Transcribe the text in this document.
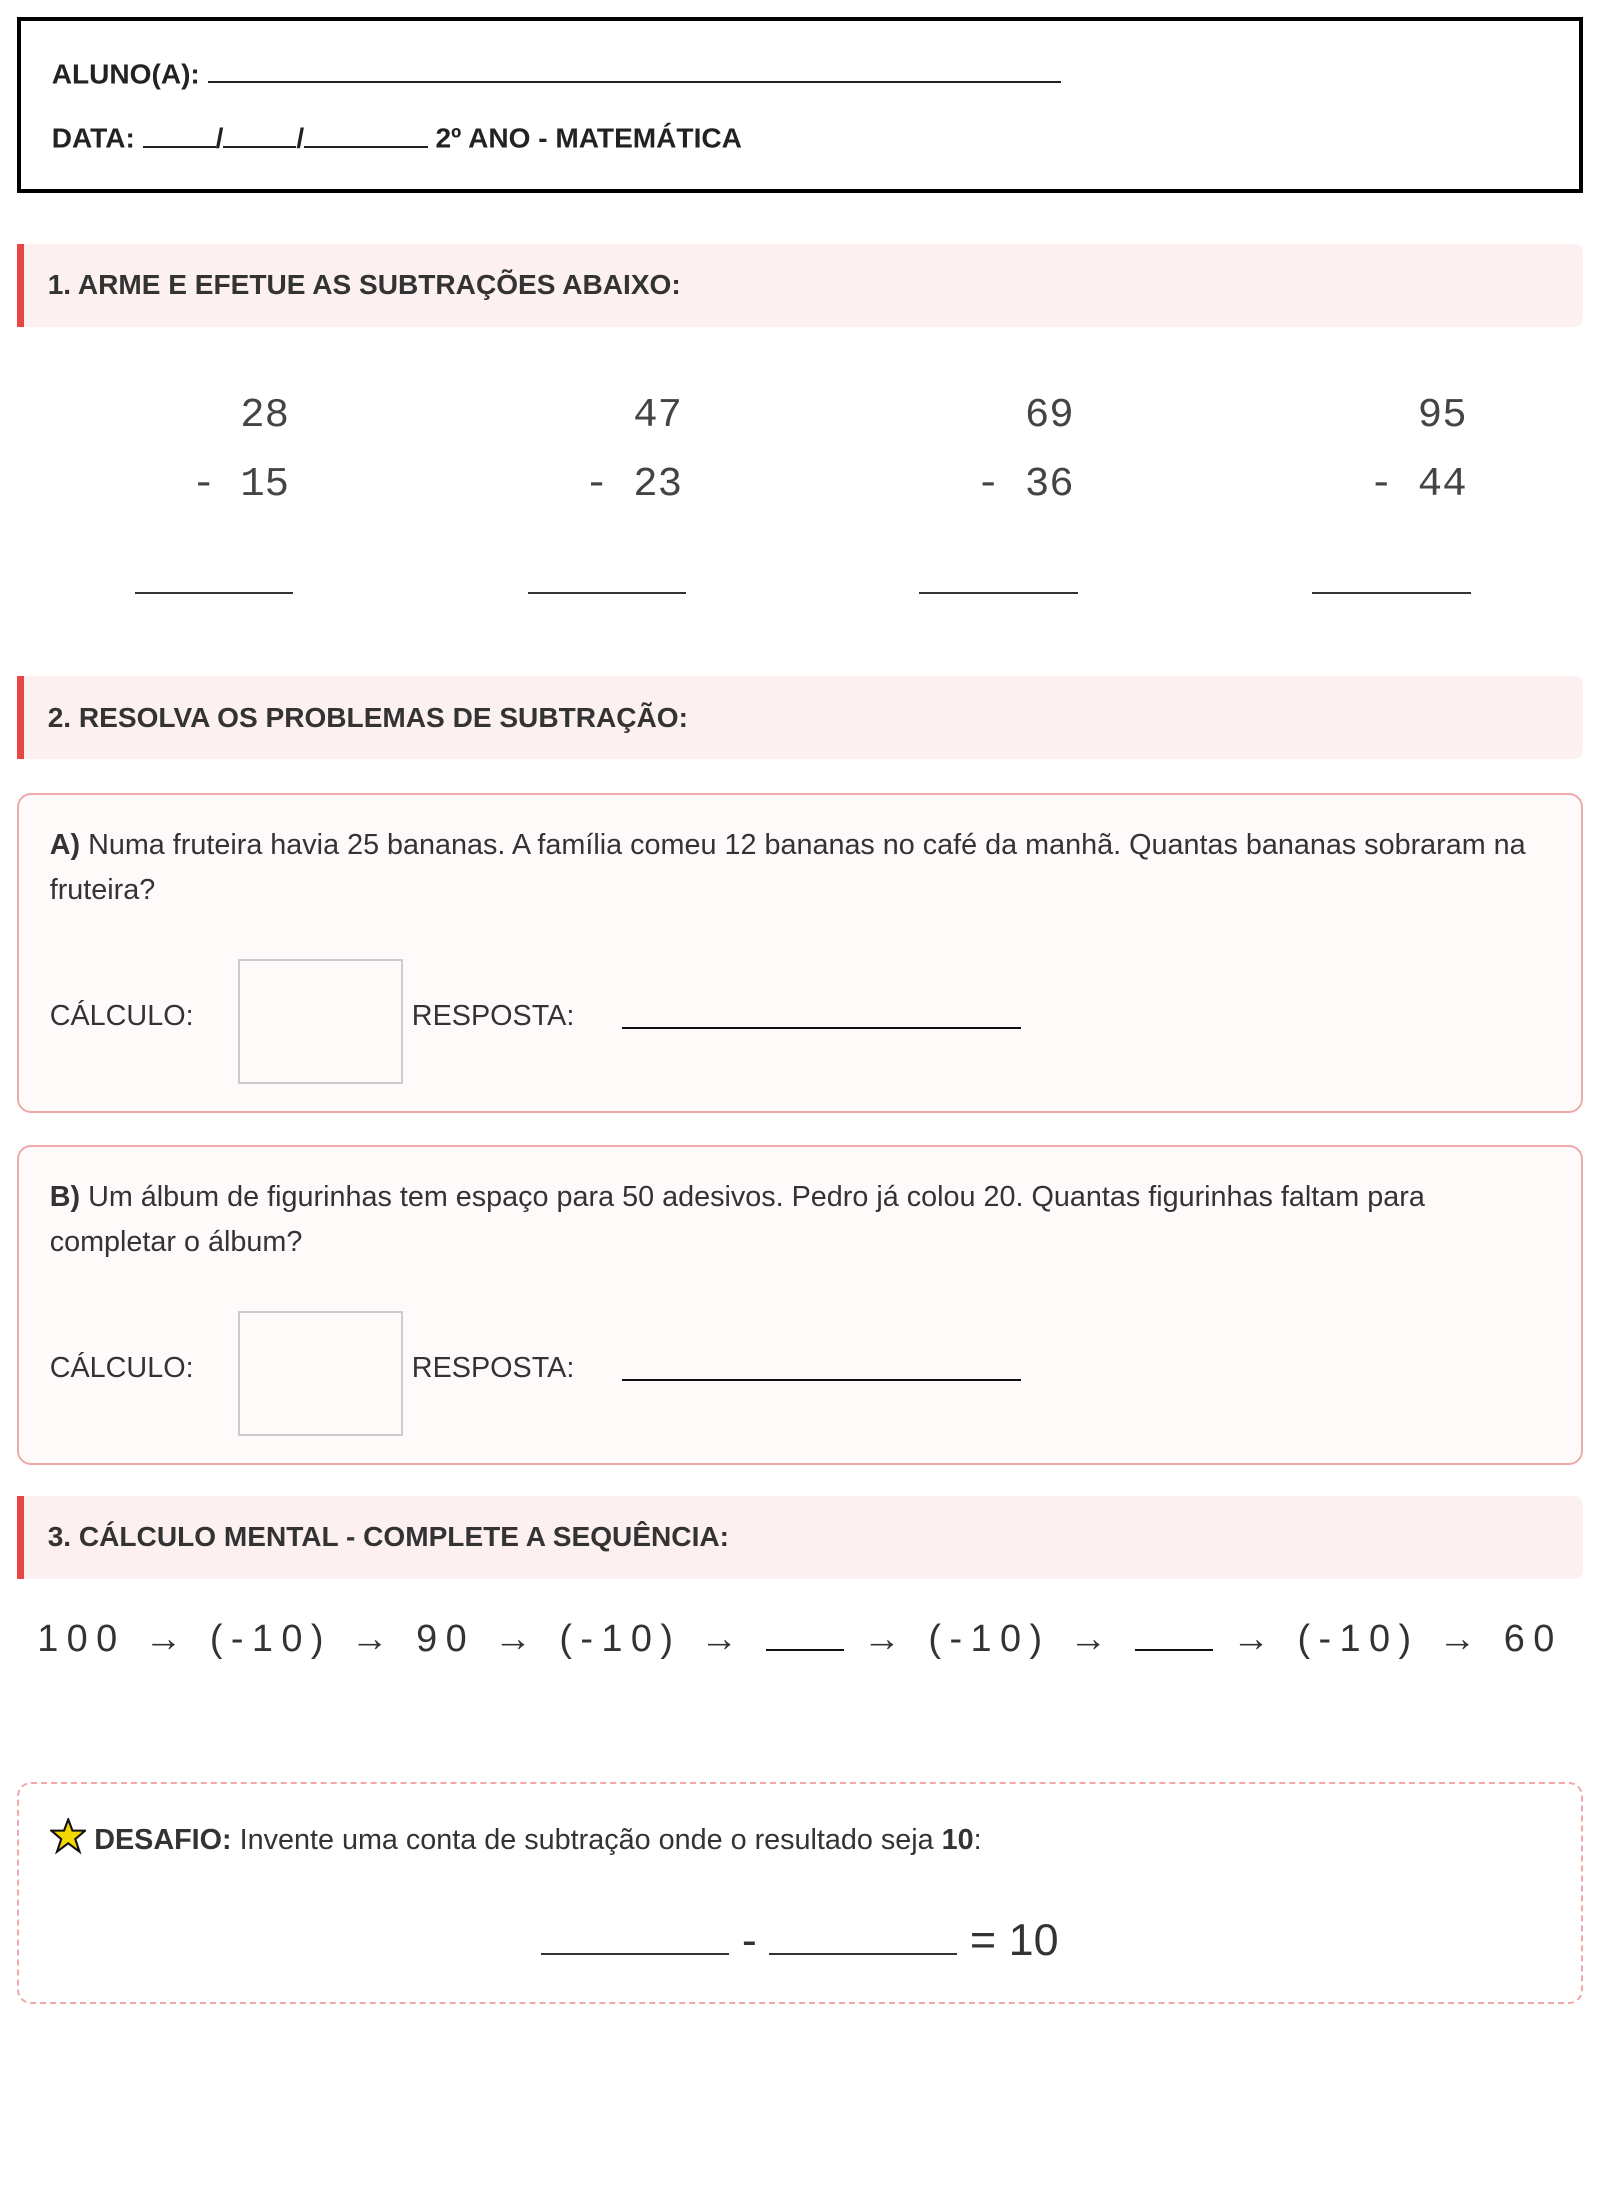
ALUNO(A):
DATA:	/	/	2º ANO - MATEMÁTICA
1. ARME E EFETUE AS SUBTRAÇÕES ABAIXO:
28
- 15
47
- 23
69
- 36
95
- 44
2. RESOLVA OS PROBLEMAS DE SUBTRAÇÃO:
A) Numa fruteira havia 25 bananas. A família comeu 12 bananas no café da manhã. Quantas bananas sobraram na fruteira?
CÁLCULO:	RESPOSTA:
B) Um álbum de figurinhas tem espaço para 50 adesivos. Pedro já colou 20. Quantas figurinhas faltam para completar o álbum?
CÁLCULO:	RESPOSTA:
3. CÁLCULO MENTAL - COMPLETE A SEQUÊNCIA:
100 → (-10) → 90 → (-10) →	→ (-10) →	→ (-10) → 60
DESAFIO: Invente uma conta de subtração onde o resultado seja 10:
-	= 10
